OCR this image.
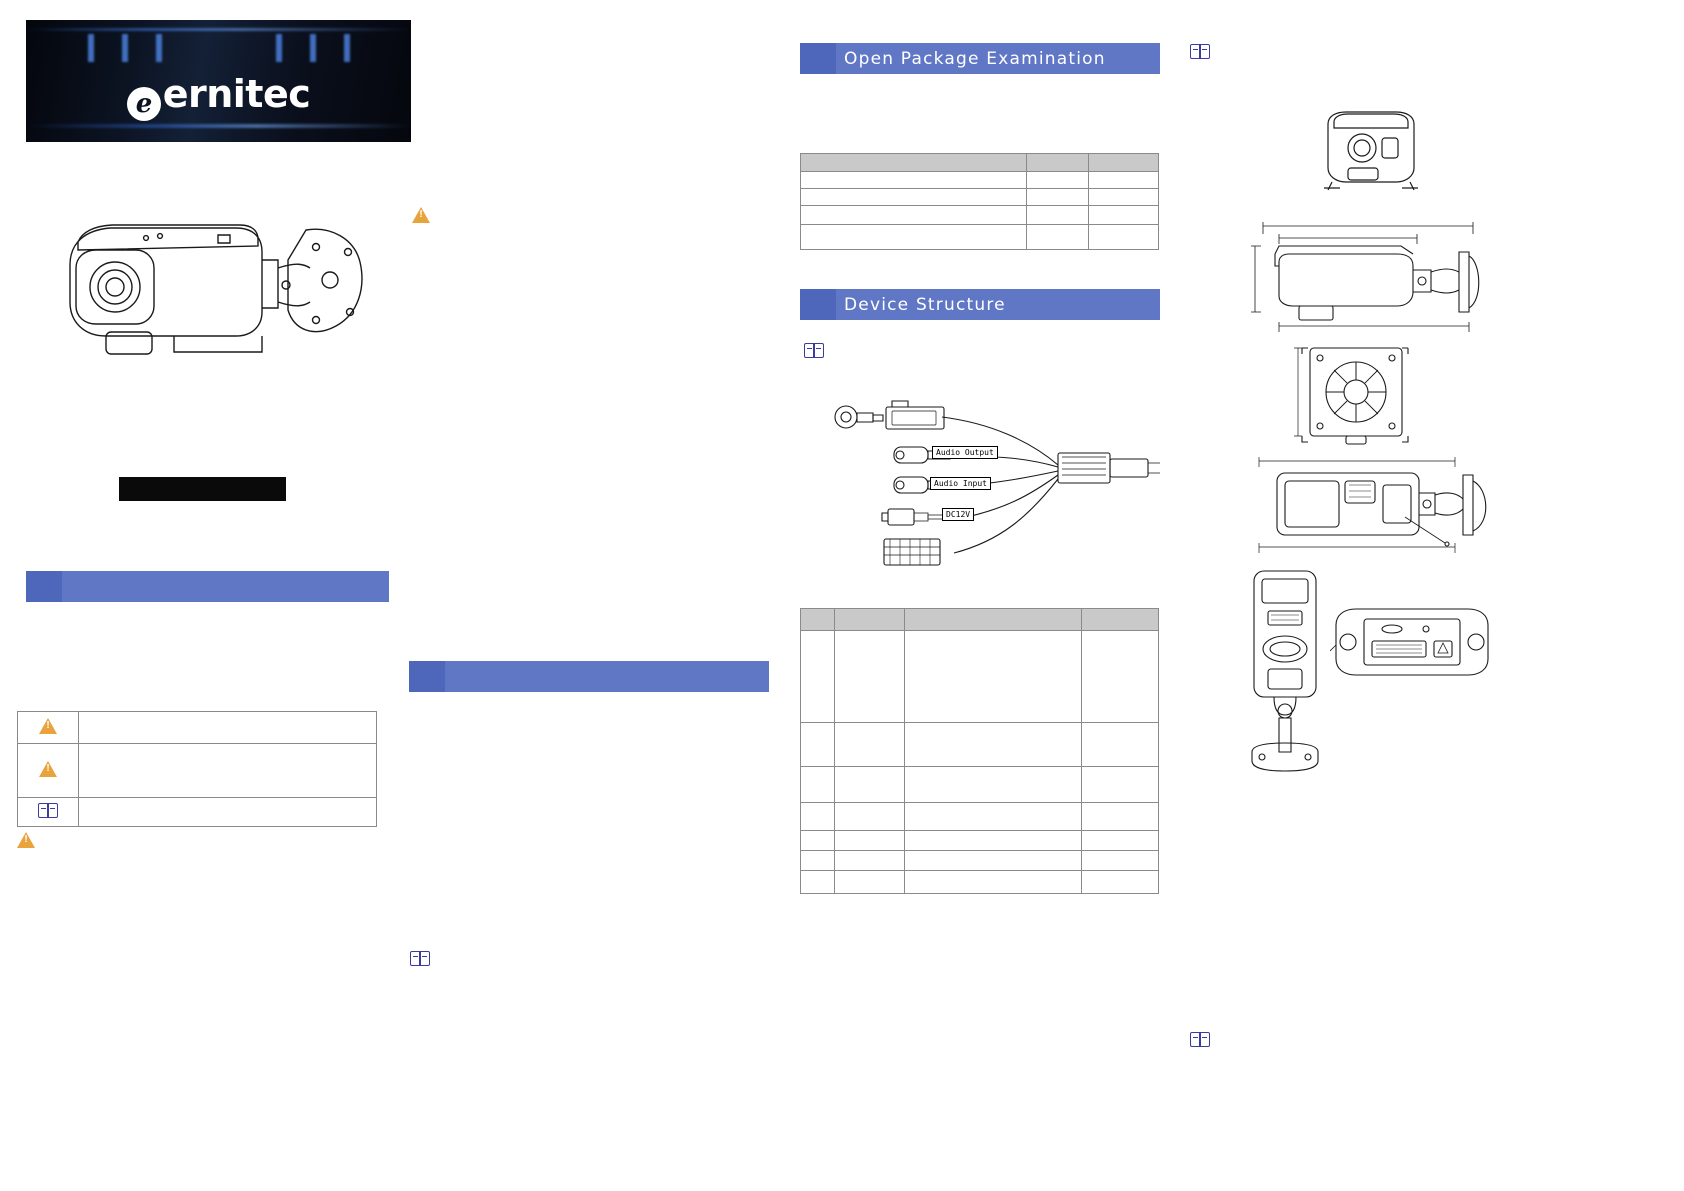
e ernitec
!
!	
!	

!
Open Package Examination

Device Structure
Audio Output
Audio Input
DC12V
